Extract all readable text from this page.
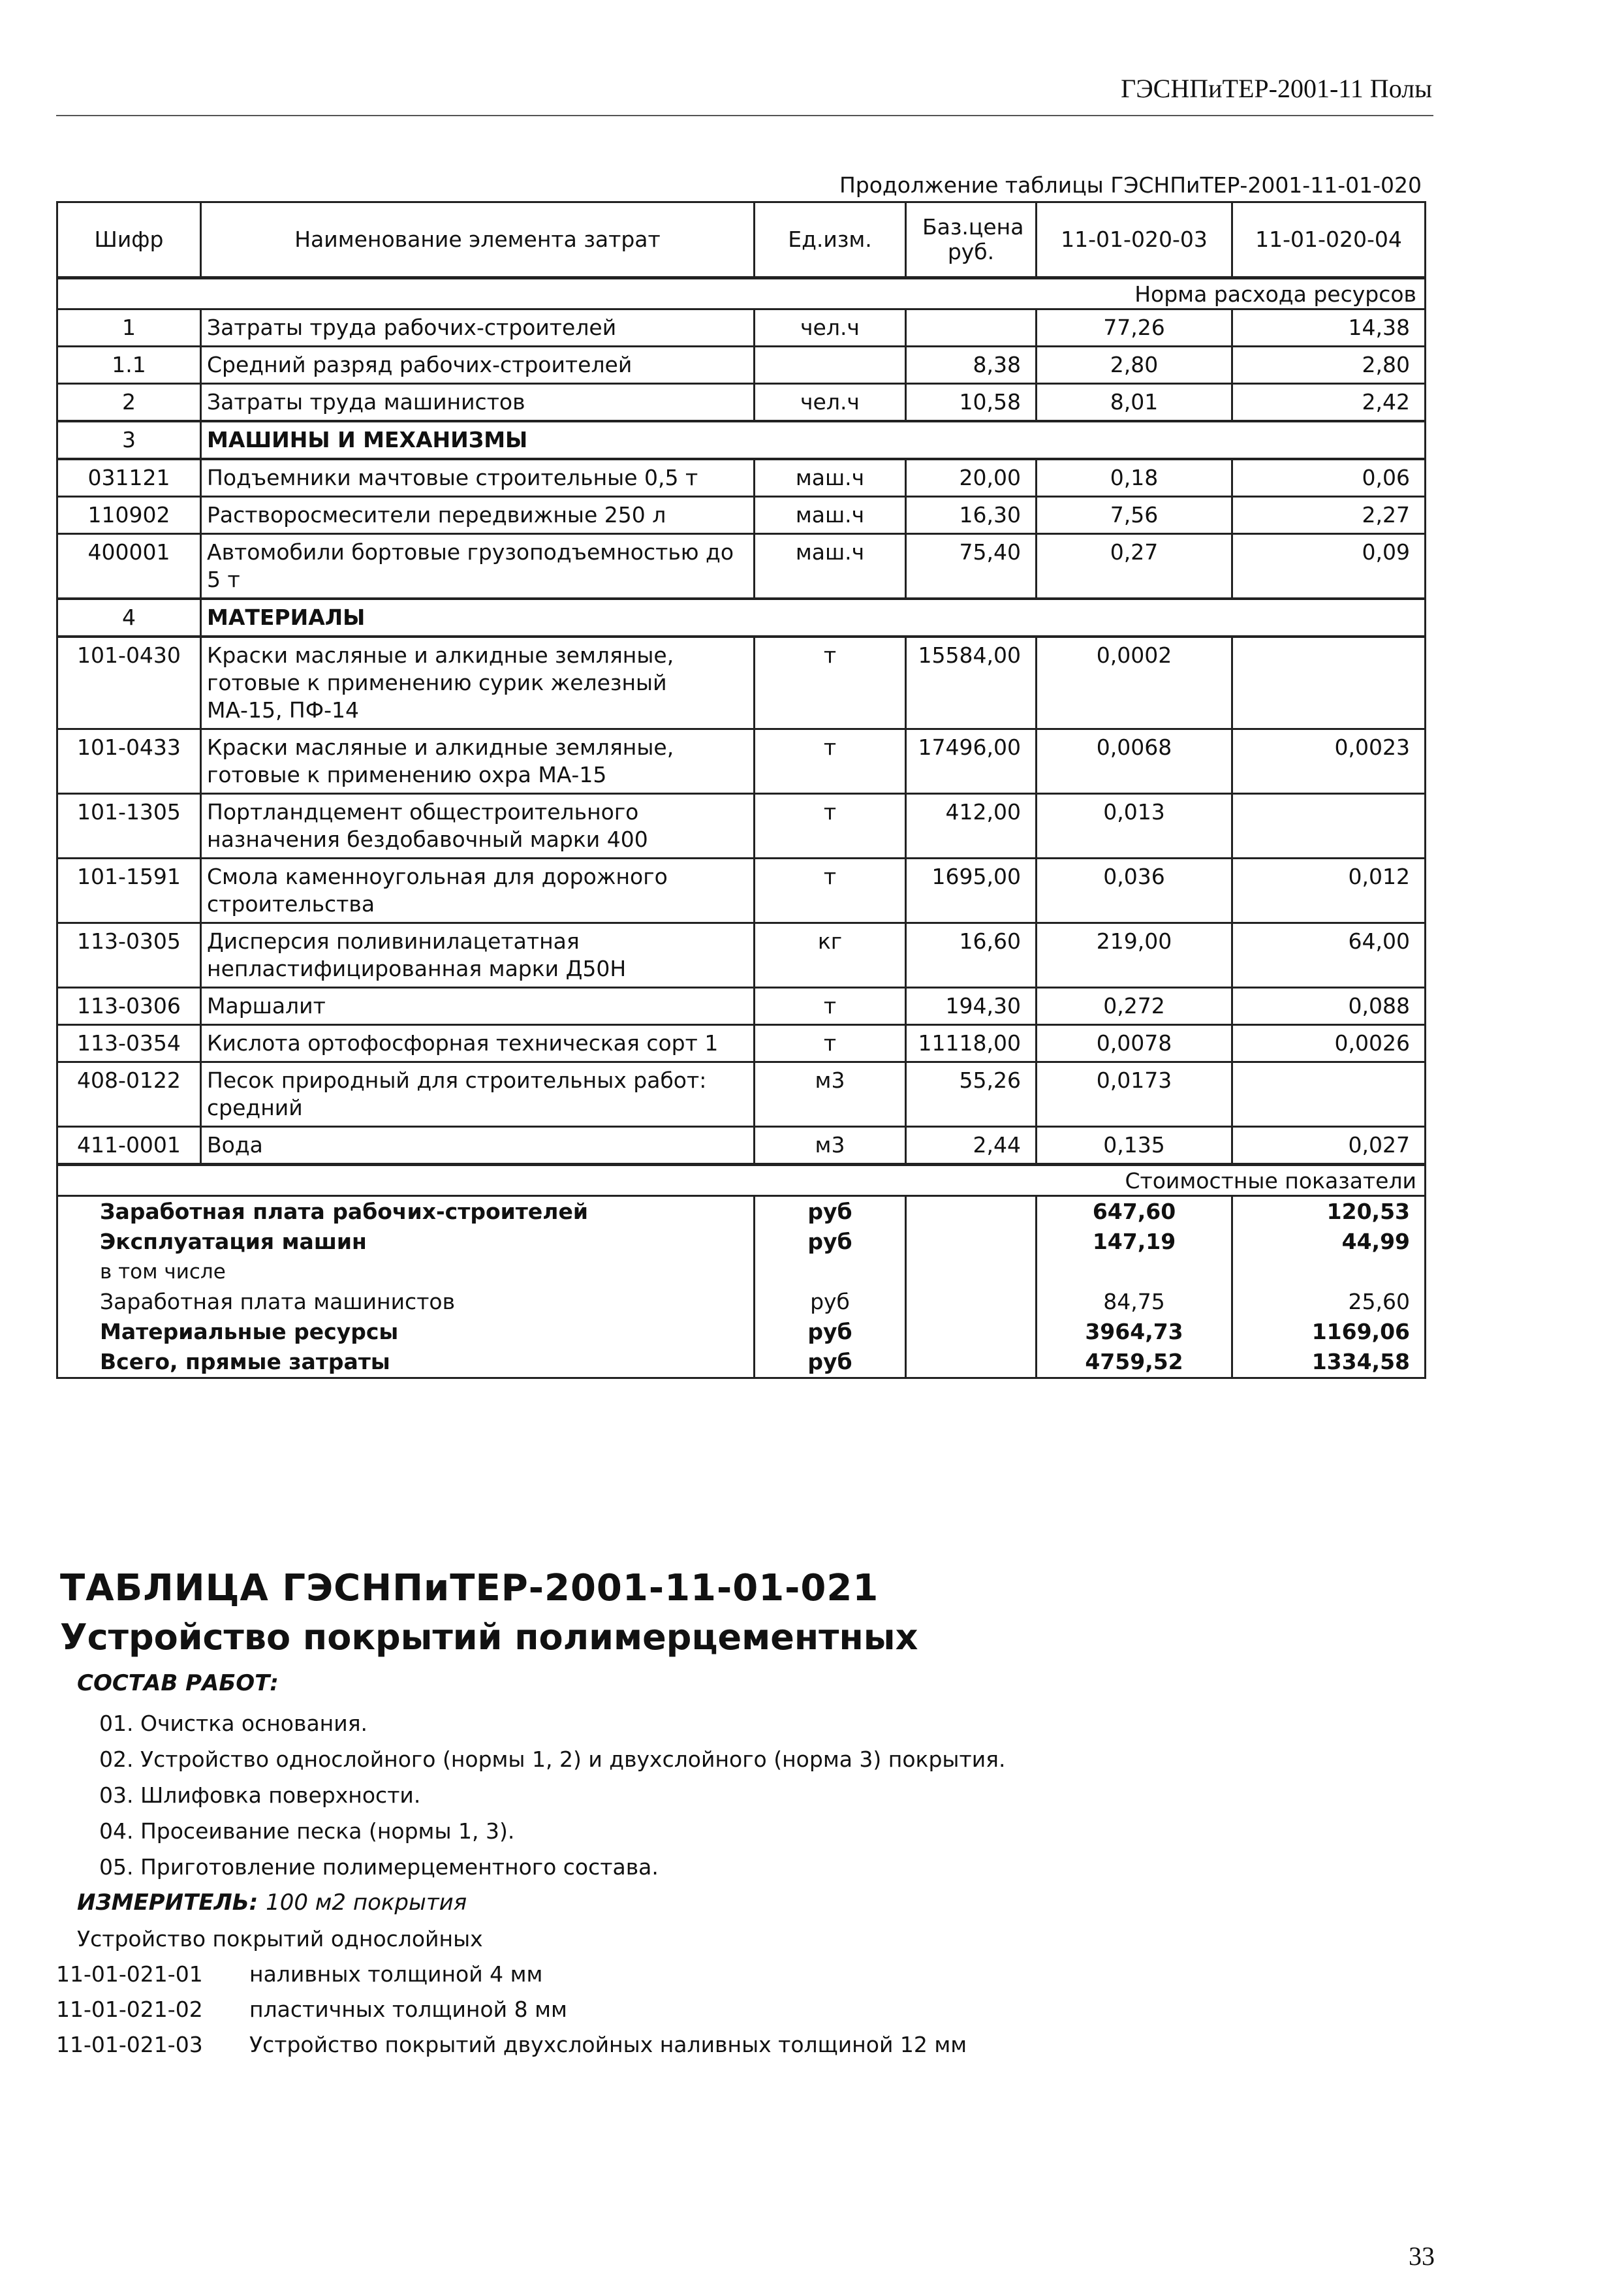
ГЭСНПиТЕР-2001-11 Полы
Продолжение таблицы ГЭСНПиТЕР-2001-11-01-020
Шифр	Наименование элемента затрат	Ед.изм.	Баз.цена руб.	11-01-020-03	11-01-020-04
Норма расхода ресурсов					
1	Затраты труда рабочих-строителей	чел.ч		77,26	14,38
1.1	Средний разряд рабочих-строителей		8,38	2,80	2,80
2	Затраты труда машинистов	чел.ч	10,58	8,01	2,42
3	МАШИНЫ И МЕХАНИЗМЫ				
031121	Подъемники мачтовые строительные 0,5 т	маш.ч	20,00	0,18	0,06
110902	Растворосмесители передвижные 250 л	маш.ч	16,30	7,56	2,27
400001	Автомобили бортовые грузоподъемностью до 5 т	маш.ч	75,40	0,27	0,09
4	МАТЕРИАЛЫ				
101-0430	Краски масляные и алкидные земляные, готовые к применению сурик железный МА-15, ПФ-14	т	15584,00	0,0002	
101-0433	Краски масляные и алкидные земляные, готовые к применению охра МА-15	т	17496,00	0,0068	0,0023
101-1305	Портландцемент общестроительного назначения бездобавочный марки 400	т	412,00	0,013	
101-1591	Смола каменноугольная для дорожного строительства	т	1695,00	0,036	0,012
113-0305	Дисперсия поливинилацетатная непластифицированная марки Д50Н	кг	16,60	219,00	64,00
113-0306	Маршалит	т	194,30	0,272	0,088
113-0354	Кислота ортофосфорная техническая сорт 1	т	11118,00	0,0078	0,0026
408-0122	Песок природный для строительных работ: средний	м3	55,26	0,0173	
411-0001	Вода	м3	2,44	0,135	0,027
Стоимостные показатели					
Заработная плата рабочих-строителей		руб		647,60	120,53
Эксплуатация машин		руб		147,19	44,99
в том числе					
Заработная плата машинистов		руб		84,75	25,60
Материальные ресурсы		руб		3964,73	1169,06
Всего, прямые затраты		руб		4759,52	1334,58
ТАБЛИЦА ГЭСНПиТЕР-2001-11-01-021
Устройство покрытий полимерцементных
СОСТАВ РАБОТ:
01. Очистка основания.
02. Устройство однослойного (нормы 1, 2) и двухслойного (норма 3) покрытия.
03. Шлифовка поверхности.
04. Просеивание песка (нормы 1, 3).
05. Приготовление полимерцементного состава.
ИЗМЕРИТЕЛЬ: 100 м2 покрытия
Устройство покрытий однослойных
11-01-021-01	наливных толщиной 4 мм
11-01-021-02	пластичных толщиной 8 мм
11-01-021-03	Устройство покрытий двухслойных наливных толщиной 12 мм
33
